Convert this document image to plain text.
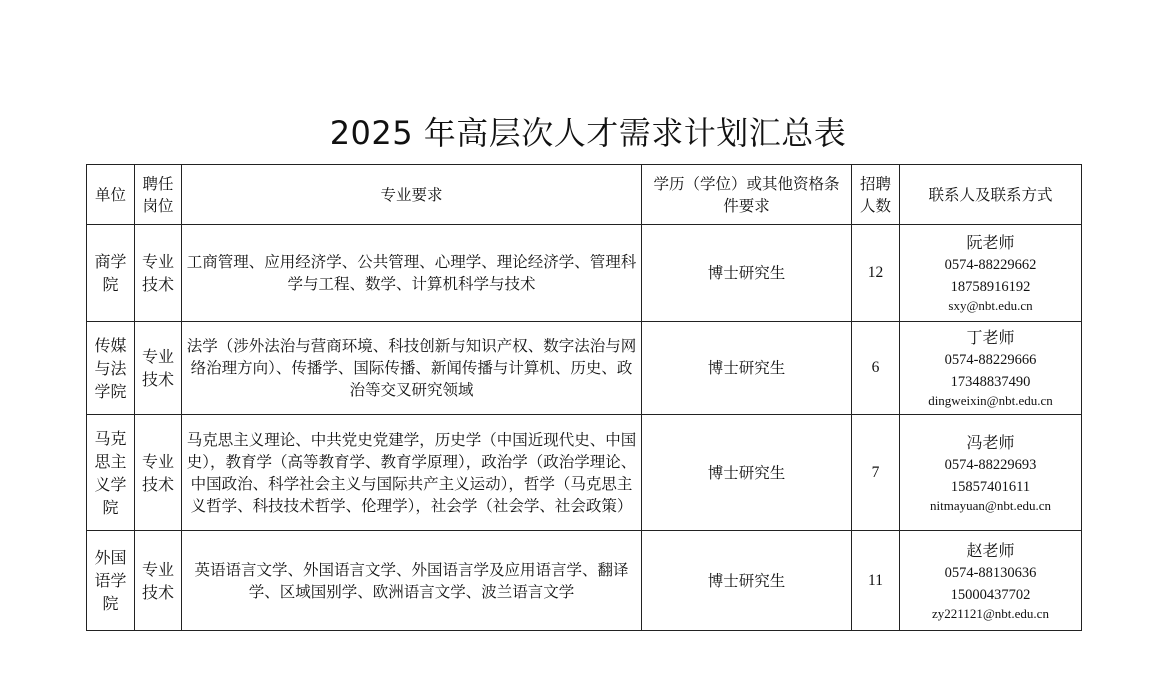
2025 年高层次人才需求计划汇总表
单位	聘任岗位	专业要求	学历（学位）或其他资格条件要求	招聘人数	联系人及联系方式

商学院	专业技术	工商管理、应用经济学、公共管理、心理学、理论经济学、管理科学与工程、数学、计算机科学与技术	博士研究生	12	阮老师
0574-88229662
18758916192
sxy@nbt.edu.cn

传媒与法学院	专业技术	法学（涉外法治与营商环境、科技创新与知识产权、数字法治与网络治理方向）、传播学、国际传播、新闻传播与计算机、历史、政治等交叉研究领域	博士研究生	6	丁老师
0574-88229666
17348837490
dingweixin@nbt.edu.cn

马克思主义学院	专业技术	马克思主义理论、中共党史党建学，历史学（中国近现代史、中国史），教育学（高等教育学、教育学原理），政治学（政治学理论、中国政治、科学社会主义与国际共产主义运动），哲学（马克思主义哲学、科技技术哲学、伦理学），社会学（社会学、社会政策）	博士研究生	7	冯老师
0574-88229693
15857401611
nitmayuan@nbt.edu.cn

外国语学院	专业技术	英语语言文学、外国语言文学、外国语言学及应用语言学、翻译学、区域国别学、欧洲语言文学、波兰语言文学	博士研究生	11	赵老师
0574-88130636
15000437702
zy221121@nbt.edu.cn
